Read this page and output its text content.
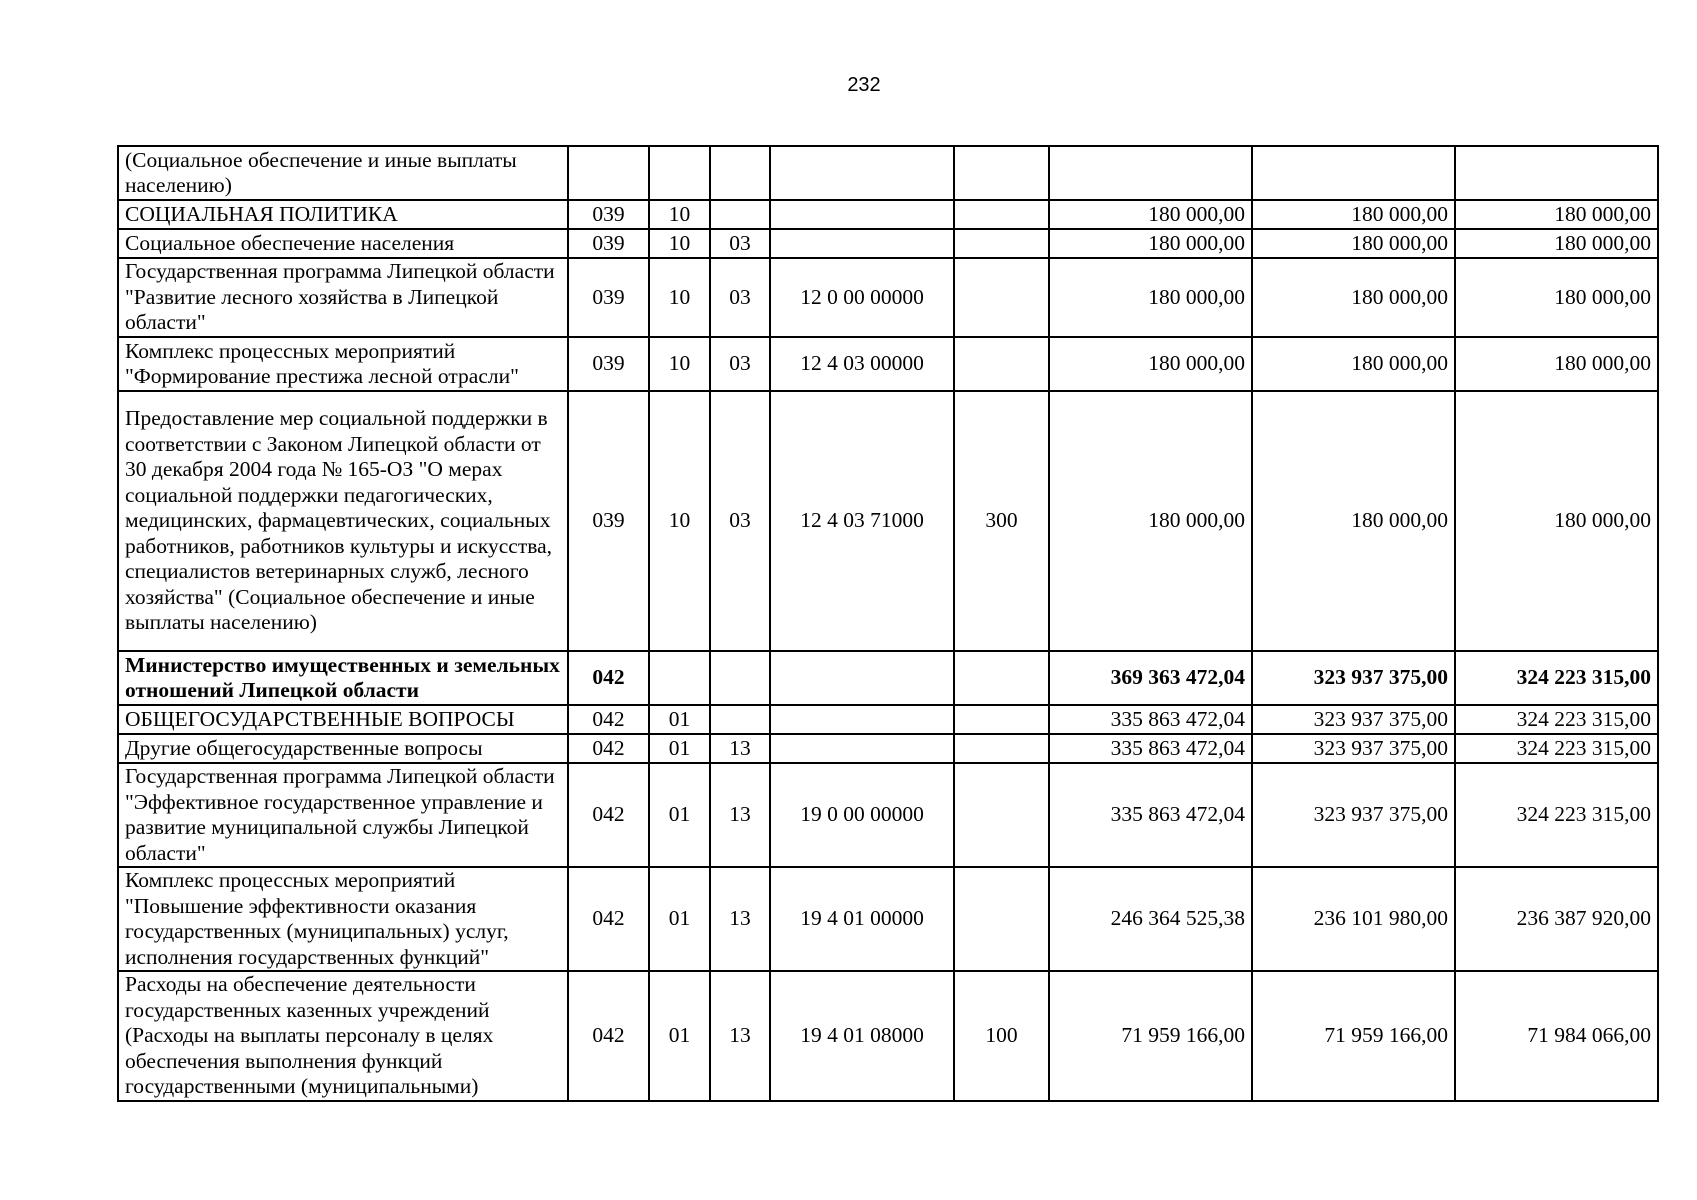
232
(Социальное обеспечение и иные выплаты населению)								
СОЦИАЛЬНАЯ ПОЛИТИКА	039	10				180 000,00	180 000,00	180 000,00
Социальное обеспечение населения	039	10	03			180 000,00	180 000,00	180 000,00
Государственная программа Липецкой области "Развитие лесного хозяйства в Липецкой области"	039	10	03	12 0 00 00000		180 000,00	180 000,00	180 000,00
Комплекс процессных мероприятий "Формирование престижа лесной отрасли"	039	10	03	12 4 03 00000		180 000,00	180 000,00	180 000,00
Предоставление мер социальной поддержки в соответствии с Законом Липецкой области от 30 декабря 2004 года № 165-ОЗ "О мерах социальной поддержки педагогических, медицинских, фармацевтических, социальных работников, работников культуры и искусства, специалистов ветеринарных служб, лесного хозяйства" (Социальное обеспечение и иные выплаты населению)	039	10	03	12 4 03 71000	300	180 000,00	180 000,00	180 000,00
Министерство имущественных и земельных отношений Липецкой области	042					369 363 472,04	323 937 375,00	324 223 315,00
ОБЩЕГОСУДАРСТВЕННЫЕ ВОПРОСЫ	042	01				335 863 472,04	323 937 375,00	324 223 315,00
Другие общегосударственные вопросы	042	01	13			335 863 472,04	323 937 375,00	324 223 315,00
Государственная программа Липецкой области "Эффективное государственное управление и развитие муниципальной службы Липецкой области"	042	01	13	19 0 00 00000		335 863 472,04	323 937 375,00	324 223 315,00
Комплекс процессных мероприятий "Повышение эффективности оказания государственных (муниципальных) услуг, исполнения государственных функций"	042	01	13	19 4 01 00000		246 364 525,38	236 101 980,00	236 387 920,00
Расходы на обеспечение деятельности государственных казенных учреждений (Расходы на выплаты персоналу в целях обеспечения выполнения функций государственными (муниципальными)	042	01	13	19 4 01 08000	100	71 959 166,00	71 959 166,00	71 984 066,00
